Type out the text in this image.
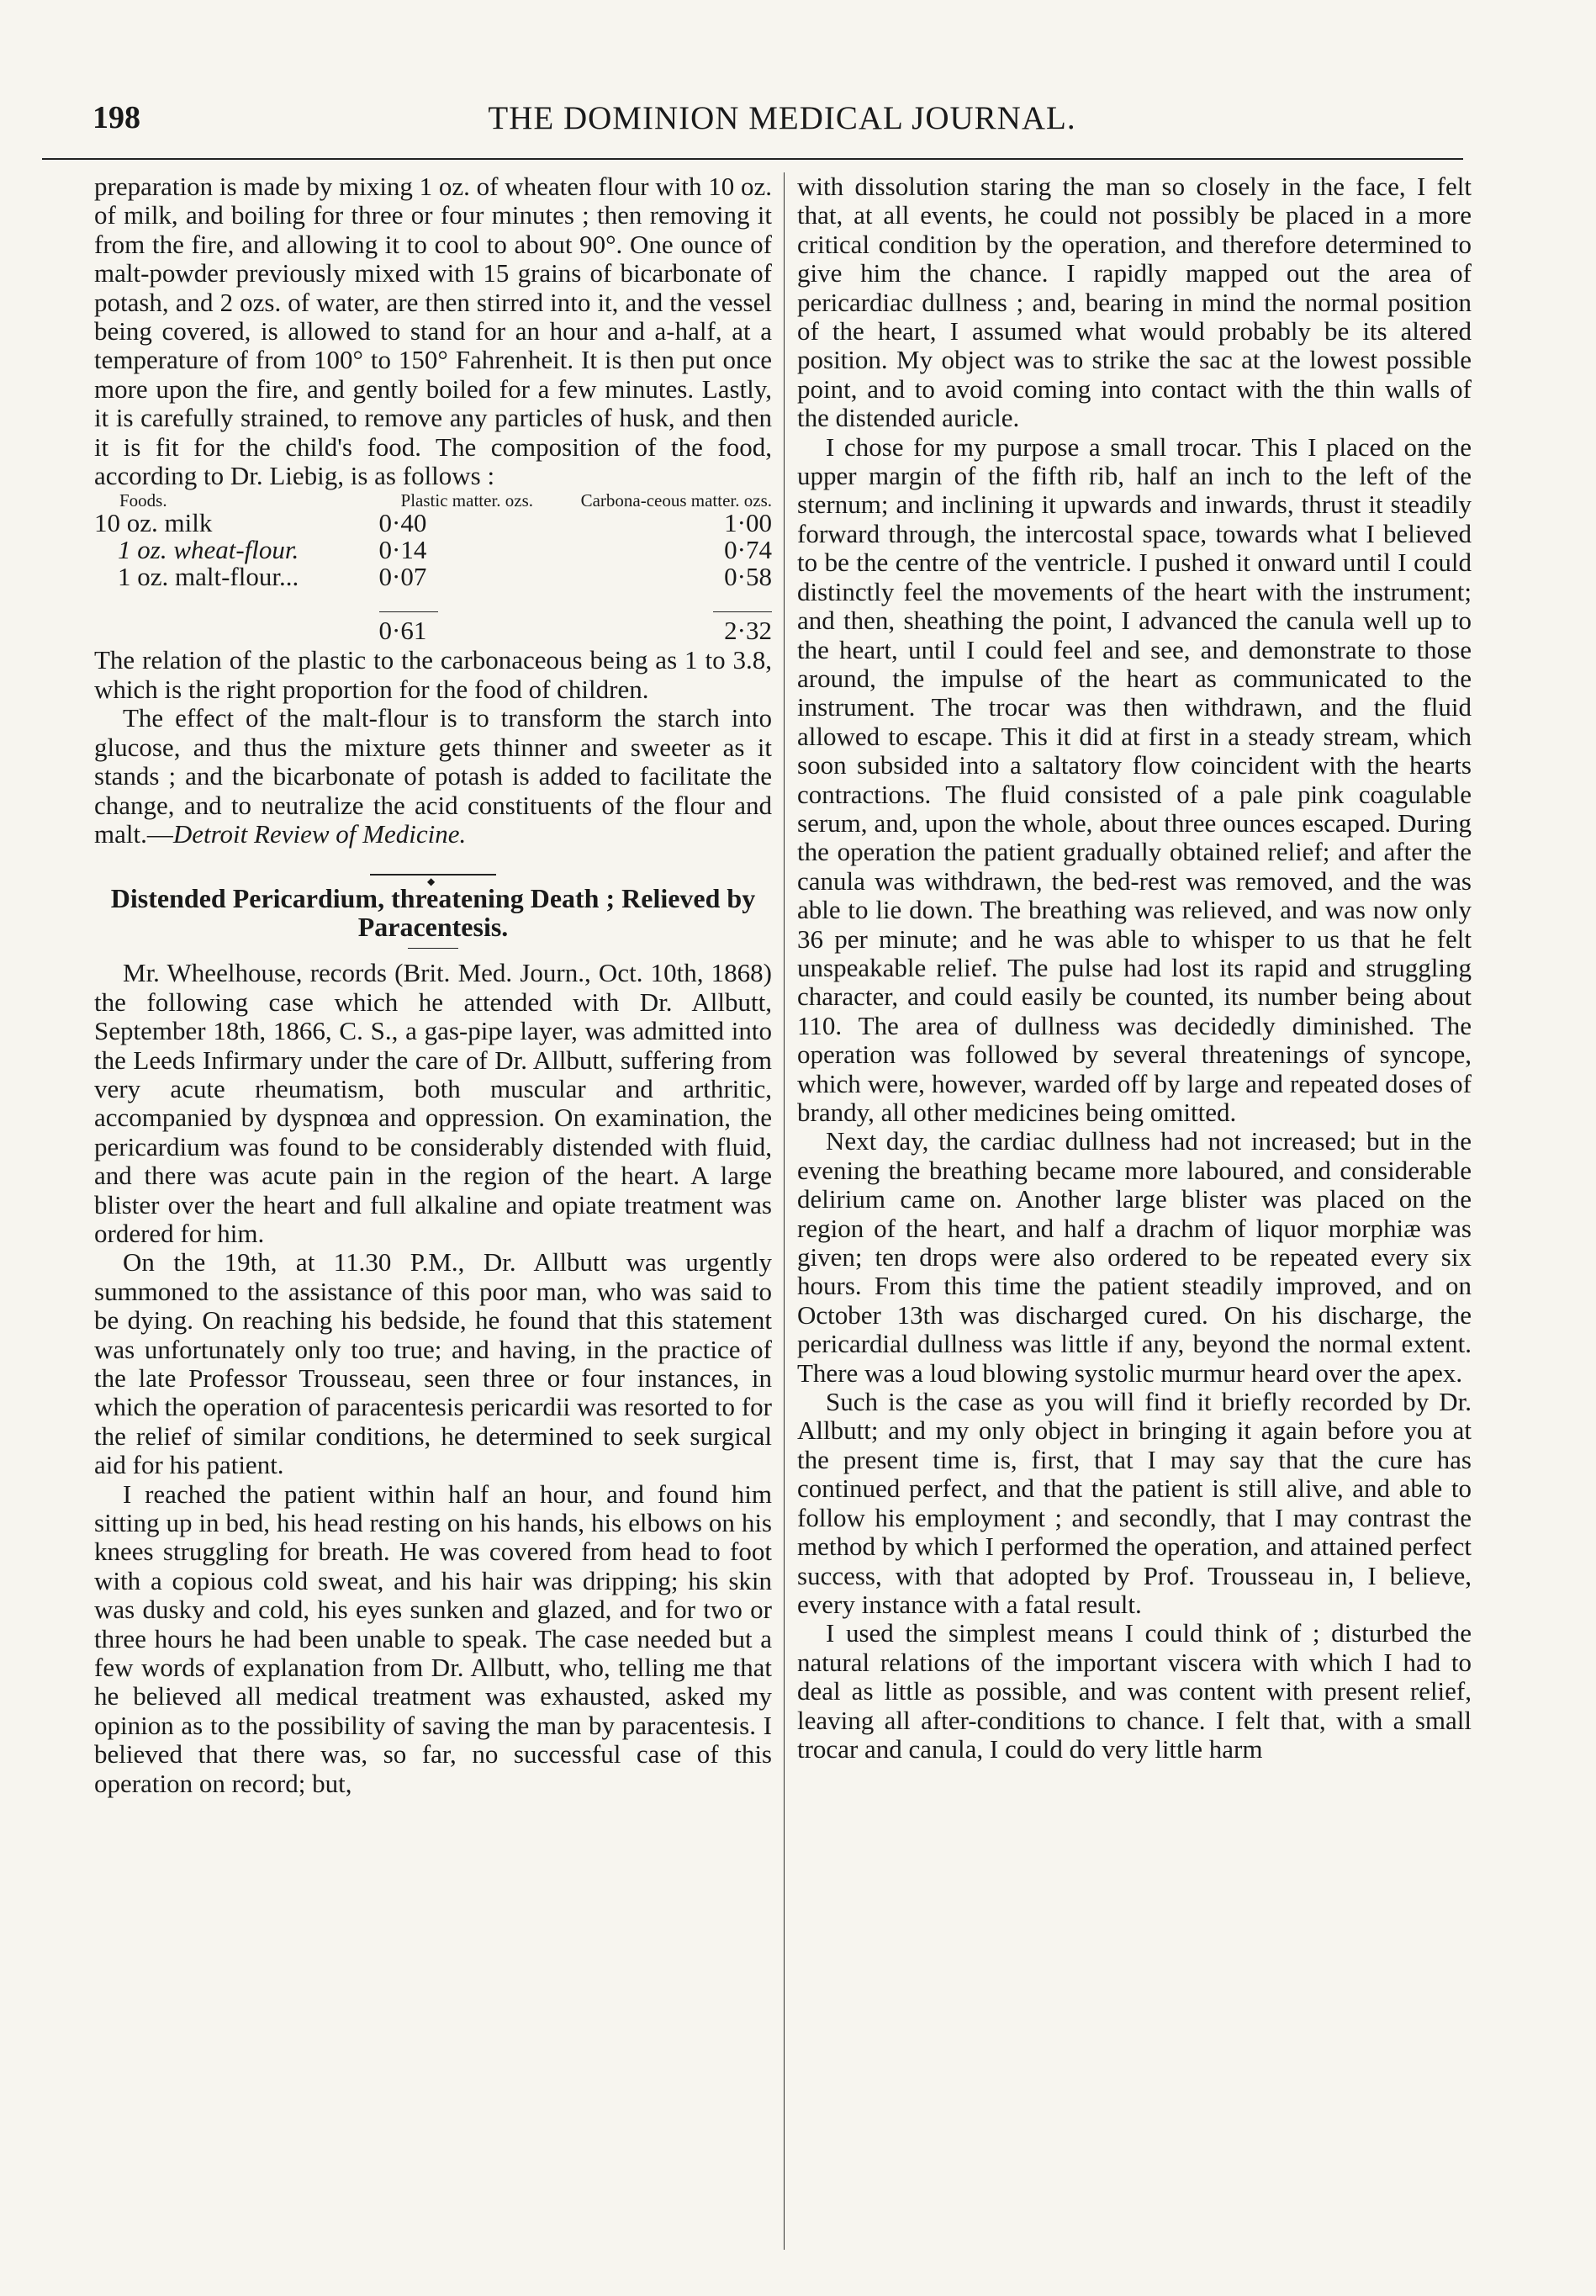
198	THE DOMINION MEDICAL JOURNAL.

preparation is made by mixing 1 oz. of wheaten flour with 10 oz. of milk, and boiling for three or four minutes ; then removing it from the fire, and allowing it to cool to about 90°. One ounce of malt-powder previously mixed with 15 grains of bicarbonate of potash, and 2 ozs. of water, are then stirred into it, and the vessel being covered, is allowed to stand for an hour and a-half, at a temperature of from 100° to 150° Fahrenheit. It is then put once more upon the fire, and gently boiled for a few minutes. Lastly, it is carefully strained, to remove any particles of husk, and then it is fit for the child's food. The composition of the food, according to Dr. Liebig, is as follows :

Foods.	Plastic matter. ozs.	Carbona-ceous matter. ozs.
10 oz. milk	0·40	1·00
1 oz. wheat-flour.	0·14	0·74
1 oz. malt-flour...	0·07	0·58

	0·61	2·32

The relation of the plastic to the carbonaceous being as 1 to 3.8, which is the right proportion for the food of children.

The effect of the malt-flour is to transform the starch into glucose, and thus the mixture gets thinner and sweeter as it stands ; and the bicarbonate of potash is added to facilitate the change, and to neutralize the acid constituents of the flour and malt.—Detroit Review of Medicine.

◆
Distended Pericardium, threatening Death ; Relieved by Paracentesis.

Mr. Wheelhouse, records (Brit. Med. Journ., Oct. 10th, 1868) the following case which he attended with Dr. Allbutt, September 18th, 1866, C. S., a gas-pipe layer, was admitted into the Leeds Infirmary under the care of Dr. Allbutt, suffering from very acute rheumatism, both muscular and arthritic, accompanied by dyspnœa and oppression. On examination, the pericardium was found to be considerably distended with fluid, and there was acute pain in the region of the heart. A large blister over the heart and full alkaline and opiate treatment was ordered for him.

On the 19th, at 11.30 P.M., Dr. Allbutt was urgently summoned to the assistance of this poor man, who was said to be dying. On reaching his bedside, he found that this statement was unfortunately only too true; and having, in the practice of the late Professor Trousseau, seen three or four instances, in which the operation of paracentesis pericardii was resorted to for the relief of similar conditions, he determined to seek surgical aid for his patient.

I reached the patient within half an hour, and found him sitting up in bed, his head resting on his hands, his elbows on his knees struggling for breath. He was covered from head to foot with a copious cold sweat, and his hair was dripping; his skin was dusky and cold, his eyes sunken and glazed, and for two or three hours he had been unable to speak. The case needed but a few words of explanation from Dr. Allbutt, who, telling me that he believed all medical treatment was exhausted, asked my opinion as to the possibility of saving the man by paracentesis. I believed that there was, so far, no successful case of this operation on record; but,

with dissolution staring the man so closely in the face, I felt that, at all events, he could not possibly be placed in a more critical condition by the operation, and therefore determined to give him the chance. I rapidly mapped out the area of pericardiac dullness ; and, bearing in mind the normal position of the heart, I assumed what would probably be its altered position. My object was to strike the sac at the lowest possible point, and to avoid coming into contact with the thin walls of the distended auricle.

I chose for my purpose a small trocar. This I placed on the upper margin of the fifth rib, half an inch to the left of the sternum; and inclining it upwards and inwards, thrust it steadily forward through, the intercostal space, towards what I believed to be the centre of the ventricle. I pushed it onward until I could distinctly feel the movements of the heart with the instrument; and then, sheathing the point, I advanced the canula well up to the heart, until I could feel and see, and demonstrate to those around, the impulse of the heart as communicated to the instrument. The trocar was then withdrawn, and the fluid allowed to escape. This it did at first in a steady stream, which soon subsided into a saltatory flow coincident with the hearts contractions. The fluid consisted of a pale pink coagulable serum, and, upon the whole, about three ounces escaped. During the operation the patient gradually obtained relief; and after the canula was withdrawn, the bed-rest was removed, and the was able to lie down. The breathing was relieved, and was now only 36 per minute; and he was able to whisper to us that he felt unspeakable relief. The pulse had lost its rapid and struggling character, and could easily be counted, its number being about 110. The area of dullness was decidedly diminished. The operation was followed by several threatenings of syncope, which were, however, warded off by large and repeated doses of brandy, all other medicines being omitted.

Next day, the cardiac dullness had not increased; but in the evening the breathing became more laboured, and considerable delirium came on. Another large blister was placed on the region of the heart, and half a drachm of liquor morphiæ was given; ten drops were also ordered to be repeated every six hours. From this time the patient steadily improved, and on October 13th was discharged cured. On his discharge, the pericardial dullness was little if any, beyond the normal extent. There was a loud blowing systolic murmur heard over the apex.

Such is the case as you will find it briefly recorded by Dr. Allbutt; and my only object in bringing it again before you at the present time is, first, that I may say that the cure has continued perfect, and that the patient is still alive, and able to follow his employment ; and secondly, that I may contrast the method by which I performed the operation, and attained perfect success, with that adopted by Prof. Trousseau in, I believe, every instance with a fatal result.

I used the simplest means I could think of ; disturbed the natural relations of the important viscera with which I had to deal as little as possible, and was content with present relief, leaving all after-conditions to chance. I felt that, with a small trocar and canula, I could do very little harm
